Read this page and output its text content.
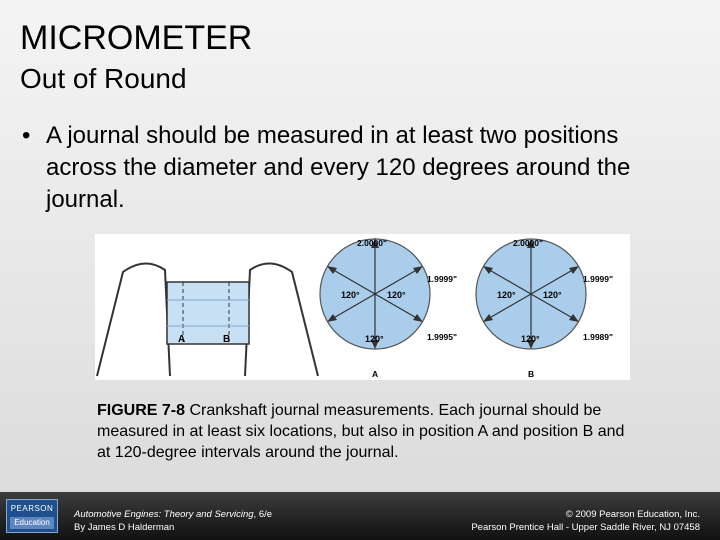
MICROMETER
Out of Round
• A journal should be measured in at least two positions across the diameter and every 120 degrees around the journal.
A	B
2.0000"
1.9999"
1.9995"
120°	120°
120°
A
2.0000"
1.9999"
1.9989"
120°	120°
120°
B
FIGURE 7-8 Crankshaft journal measurements. Each journal should be measured in at least six locations, but also in position A and position B and at 120-degree intervals around the journal.
PEARSON
Education
Automotive Engines: Theory and Servicing, 6/e
By James D Halderman
© 2009 Pearson Education, Inc.
Pearson Prentice Hall - Upper Saddle River, NJ 07458
